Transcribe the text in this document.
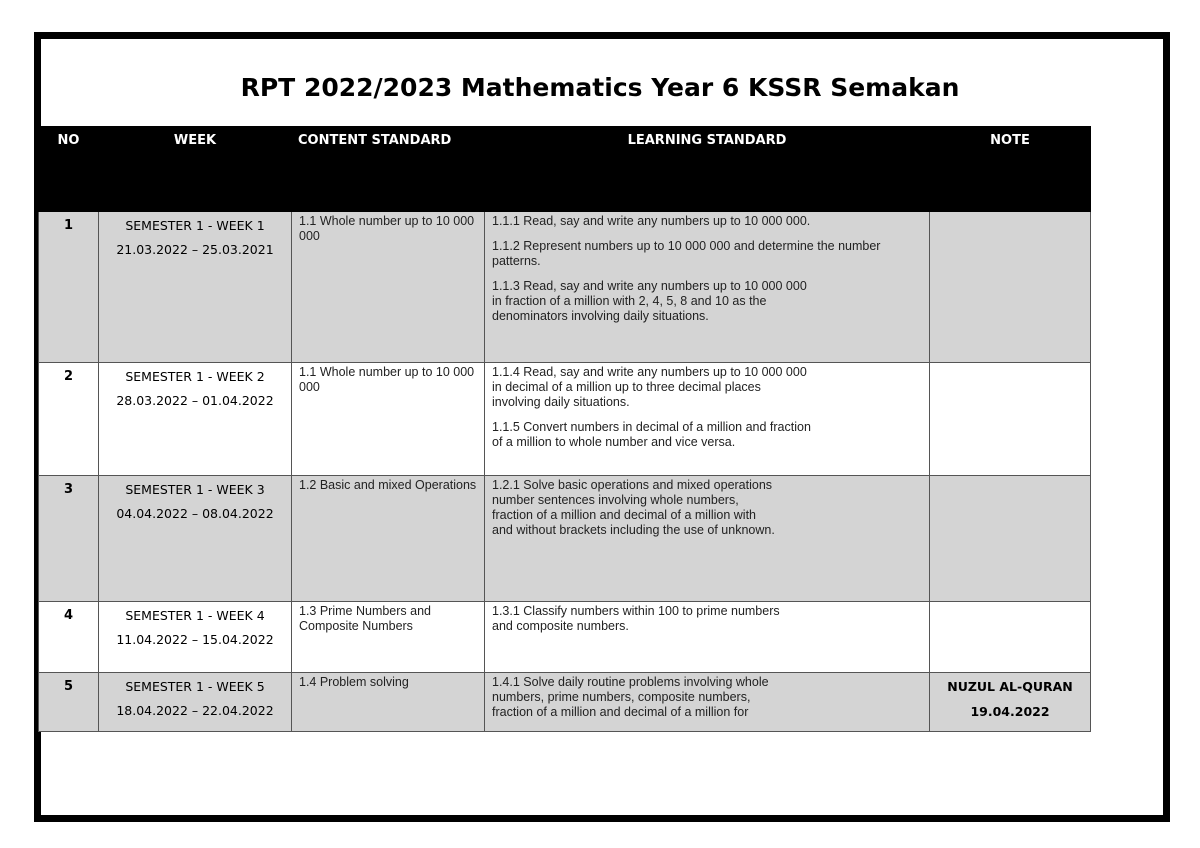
RPT 2022/2023 Mathematics Year 6 KSSR Semakan
NO	WEEK	CONTENT STANDARD	LEARNING STANDARD	NOTE
1	SEMESTER 1 - WEEK 1
21.03.2022 – 25.03.2021	1.1 Whole number up to 10 000 000	1.1.1 Read, say and write any numbers up to 10 000 000.
1.1.2 Represent numbers up to 10 000 000 and determine the number patterns.
1.1.3 Read, say and write any numbers up to 10 000 000
in fraction of a million with 2, 4, 5, 8 and 10 as the
denominators involving daily situations.	

2	SEMESTER 1 - WEEK 2
28.03.2022 – 01.04.2022	1.1 Whole number up to 10 000 000	1.1.4 Read, say and write any numbers up to 10 000 000
in decimal of a million up to three decimal places
involving daily situations.
1.1.5 Convert numbers in decimal of a million and fraction
of a million to whole number and vice versa.	

3	SEMESTER 1 - WEEK 3
04.04.2022 – 08.04.2022	1.2 Basic and mixed Operations	1.2.1 Solve basic operations and mixed operations
number sentences involving whole numbers,
fraction of a million and decimal of a million with
and without brackets including the use of unknown.	

4	SEMESTER 1 - WEEK 4
11.04.2022 – 15.04.2022	1.3 Prime Numbers and Composite Numbers	1.3.1 Classify numbers within 100 to prime numbers
and composite numbers.	

5	SEMESTER 1 - WEEK 5
18.04.2022 – 22.04.2022	1.4 Problem solving	1.4.1 Solve daily routine problems involving whole
numbers, prime numbers, composite numbers,
fraction of a million and decimal of a million for	NUZUL AL-QURAN
19.04.2022
